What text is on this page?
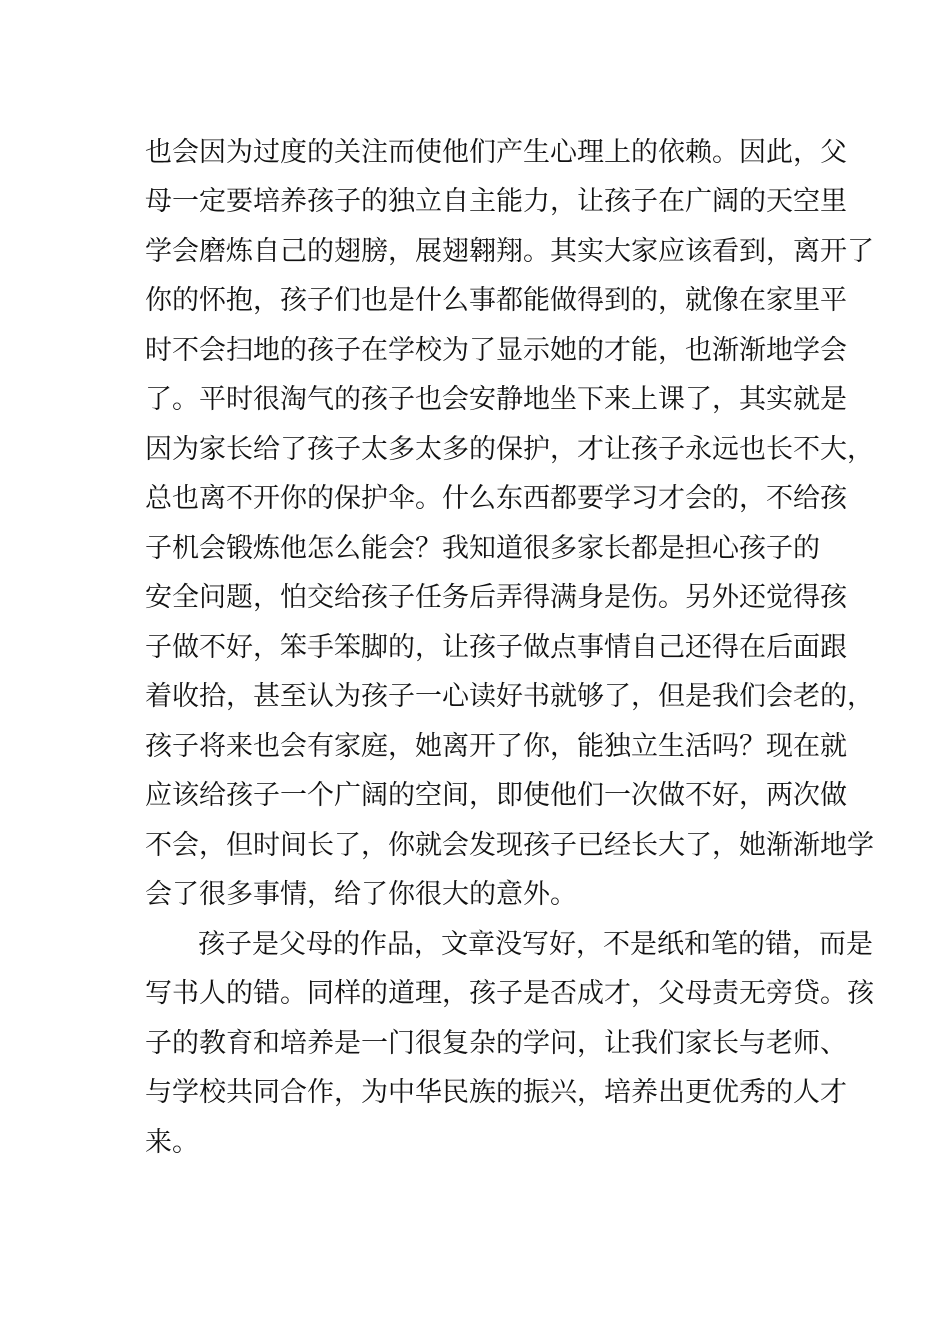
也会因为过度的关注而使他们产生心理上的依赖。因此，父
母一定要培养孩子的独立自主能力，让孩子在广阔的天空里
学会磨炼自己的翅膀，展翅翱翔。其实大家应该看到，离开了
你的怀抱，孩子们也是什么事都能做得到的，就像在家里平
时不会扫地的孩子在学校为了显示她的才能，也渐渐地学会
了。平时很淘气的孩子也会安静地坐下来上课了，其实就是
因为家长给了孩子太多太多的保护，才让孩子永远也长不大，
总也离不开你的保护伞。什么东西都要学习才会的，不给孩
子机会锻炼他怎么能会？我知道很多家长都是担心孩子的
安全问题，怕交给孩子任务后弄得满身是伤。另外还觉得孩
子做不好，笨手笨脚的，让孩子做点事情自己还得在后面跟
着收拾，甚至认为孩子一心读好书就够了，但是我们会老的，
孩子将来也会有家庭，她离开了你，能独立生活吗？现在就
应该给孩子一个广阔的空间，即使他们一次做不好，两次做
不会，但时间长了，你就会发现孩子已经长大了，她渐渐地学
会了很多事情，给了你很大的意外。
孩子是父母的作品，文章没写好，不是纸和笔的错，而是
写书人的错。同样的道理，孩子是否成才，父母责无旁贷。孩
子的教育和培养是一门很复杂的学问，让我们家长与老师、
与学校共同合作，为中华民族的振兴，培养出更优秀的人才
来。
